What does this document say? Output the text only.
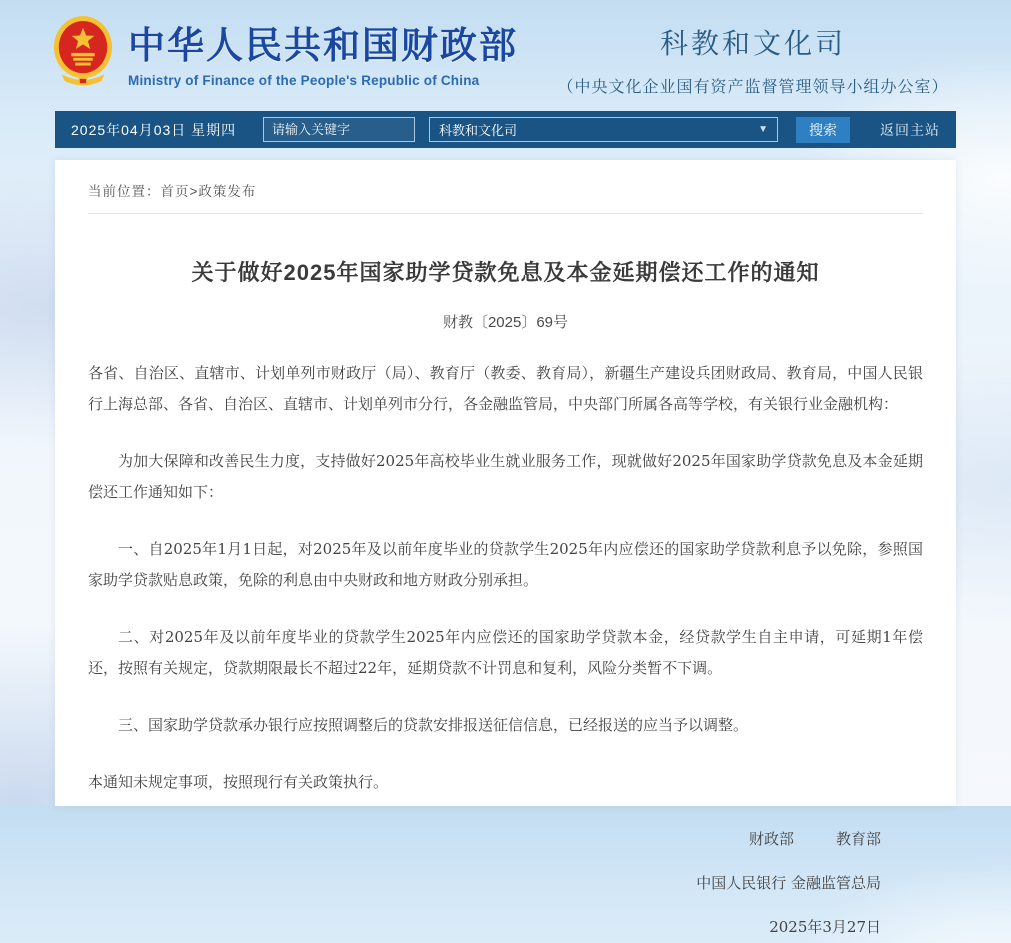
中华人民共和国财政部
Ministry of Finance of the People's Republic of China
科教和文化司
（中央文化企业国有资产监督管理领导小组办公室）
2025年04月03日 星期四
请输入关键字	科教和文化司	▼	搜索	返回主站
当前位置：首页>政策发布
关于做好2025年国家助学贷款免息及本金延期偿还工作的通知
财教〔2025〕69号

各省、自治区、直辖市、计划单列市财政厅（局）、教育厅（教委、教育局），新疆生产建设兵团财政局、教育局，中国人民银行上海总部、各省、自治区、直辖市、计划单列市分行，各金融监管局，中央部门所属各高等学校，有关银行业金融机构：

为加大保障和改善民生力度，支持做好2025年高校毕业生就业服务工作，现就做好2025年国家助学贷款免息及本金延期偿还工作通知如下：

一、自2025年1月1日起，对2025年及以前年度毕业的贷款学生2025年内应偿还的国家助学贷款利息予以免除，参照国家助学贷款贴息政策，免除的利息由中央财政和地方财政分别承担。

二、对2025年及以前年度毕业的贷款学生2025年内应偿还的国家助学贷款本金，经贷款学生自主申请，可延期1年偿还，按照有关规定，贷款期限最长不超过22年，延期贷款不计罚息和复利，风险分类暂不下调。

三、国家助学贷款承办银行应按照调整后的贷款安排报送征信信息，已经报送的应当予以调整。

本通知未规定事项，按照现行有关政策执行。

财政部	教育部
中国人民银行 金融监管总局
2025年3月27日
